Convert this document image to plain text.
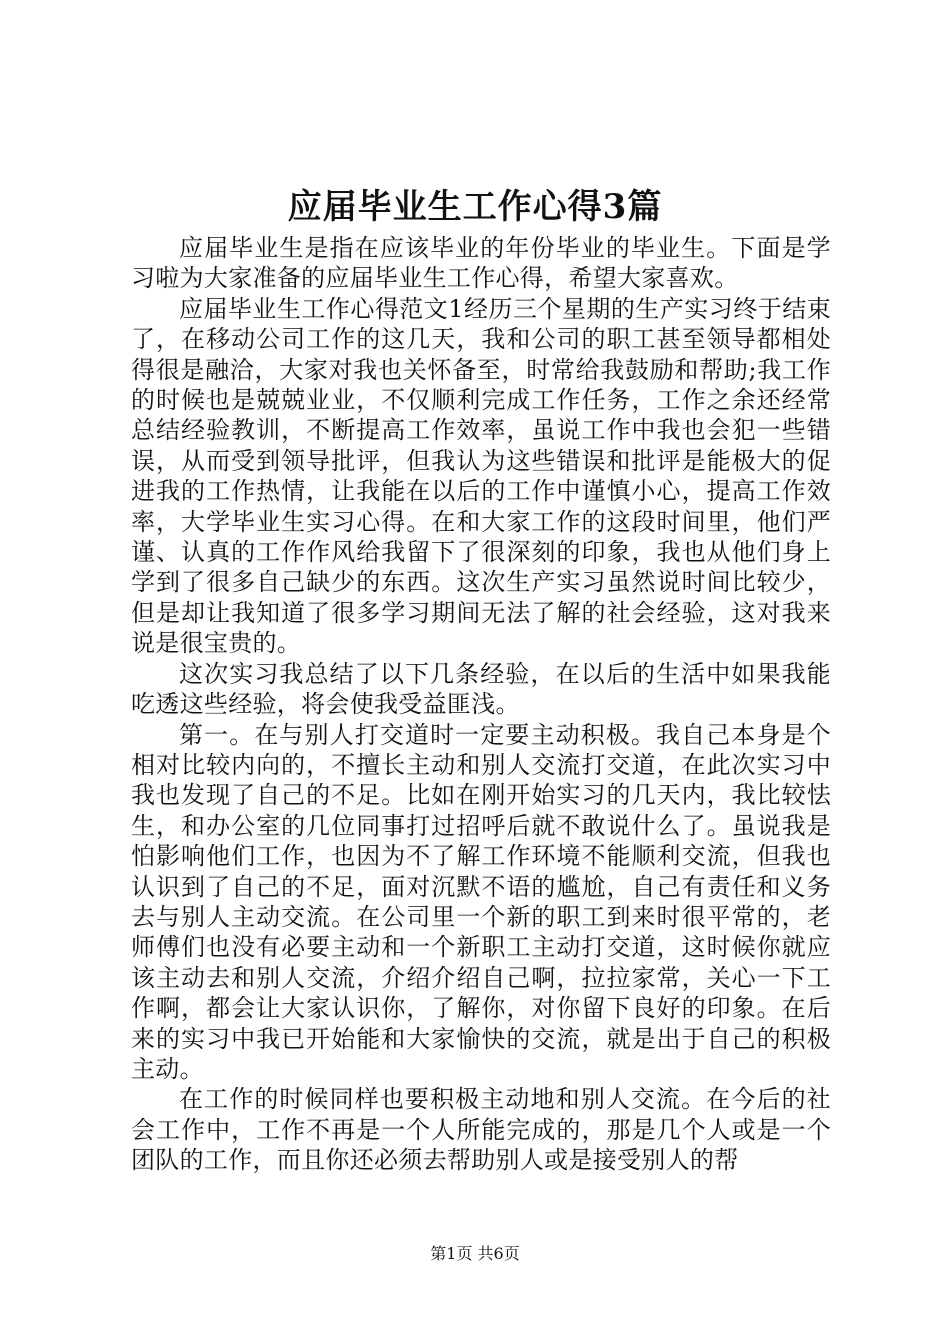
应届毕业生工作心得3篇

应届毕业生是指在应该毕业的年份毕业的毕业生。下面是学习啦为大家准备的应届毕业生工作心得，希望大家喜欢。

应届毕业生工作心得范文1经历三个星期的生产实习终于结束了，在移动公司工作的这几天，我和公司的职工甚至领导都相处得很是融洽，大家对我也关怀备至，时常给我鼓励和帮助;我工作的时候也是兢兢业业，不仅顺利完成工作任务，工作之余还经常总结经验教训，不断提高工作效率，虽说工作中我也会犯一些错误，从而受到领导批评，但我认为这些错误和批评是能极大的促进我的工作热情，让我能在以后的工作中谨慎小心，提高工作效率，大学毕业生实习心得。在和大家工作的这段时间里，他们严谨、认真的工作作风给我留下了很深刻的印象，我也从他们身上学到了很多自己缺少的东西。这次生产实习虽然说时间比较少，但是却让我知道了很多学习期间无法了解的社会经验，这对我来说是很宝贵的。

这次实习我总结了以下几条经验，在以后的生活中如果我能吃透这些经验，将会使我受益匪浅。

第一。在与别人打交道时一定要主动积极。我自己本身是个相对比较内向的，不擅长主动和别人交流打交道，在此次实习中我也发现了自己的不足。比如在刚开始实习的几天内，我比较怯生，和办公室的几位同事打过招呼后就不敢说什么了。虽说我是怕影响他们工作，也因为不了解工作环境不能顺利交流，但我也认识到了自己的不足，面对沉默不语的尴尬，自己有责任和义务去与别人主动交流。在公司里一个新的职工到来时很平常的，老师傅们也没有必要主动和一个新职工主动打交道，这时候你就应该主动去和别人交流，介绍介绍自己啊，拉拉家常，关心一下工作啊，都会让大家认识你，了解你，对你留下良好的印象。在后来的实习中我已开始能和大家愉快的交流，就是出于自己的积极主动。

在工作的时候同样也要积极主动地和别人交流。在今后的社会工作中，工作不再是一个人所能完成的，那是几个人或是一个团队的工作，而且你还必须去帮助别人或是接受别人的帮

第1页 共6页
